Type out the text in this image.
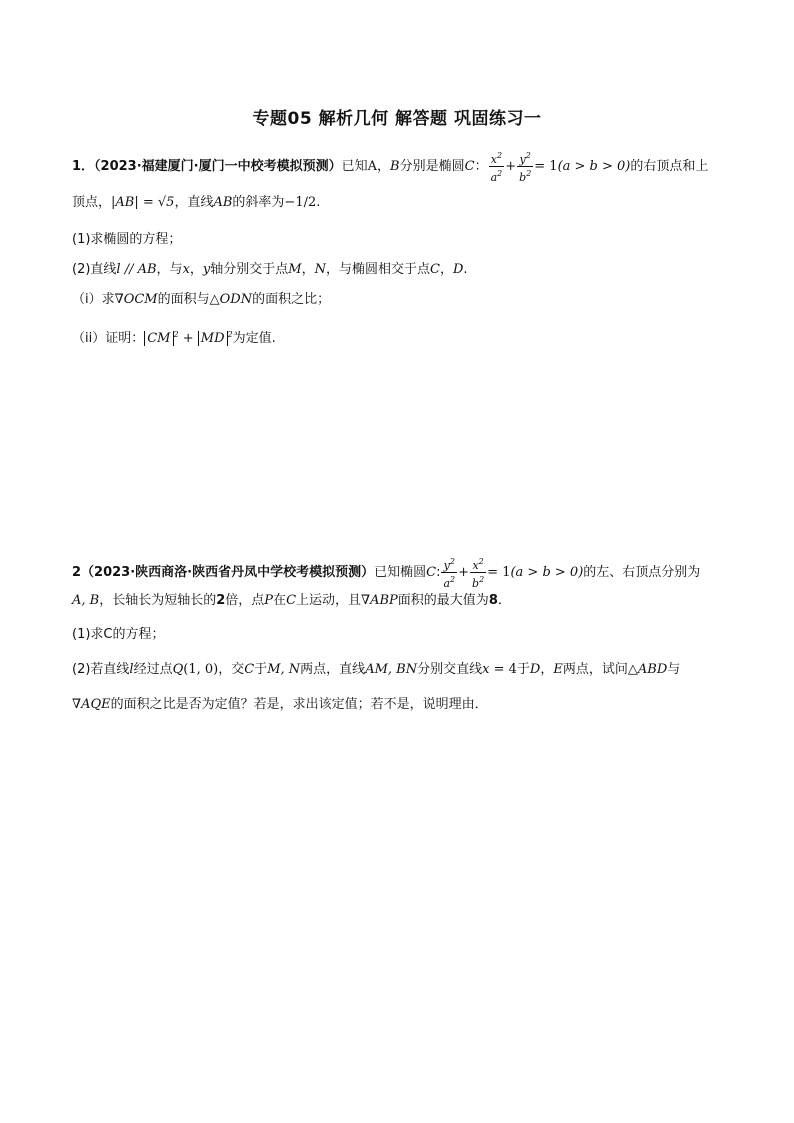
专题05 解析几何 解答题 巩固练习一
1．（2023·福建厦门·厦门一中校考模拟预测）已知A，B分别是椭圆C： $\frac{x^2}{a^2} + \frac{y^2}{b^2} = 1(a > b > 0)$的右顶点和上
顶点，|AB| = √5，直线AB的斜率为−1/2.
(1)求椭圆的方程；
(2)直线l // AB，与x，y轴分别交于点M，N，与椭圆相交于点C，D.
（i）求∇OCM的面积与△ODN的面积之比；
（ii）证明： CM $^2$ + MD $^2$为定值.
2（2023·陕西商洛·陕西省丹凤中学校考模拟预测）已知椭圆C: $\frac{y^2}{a^2} + \frac{x^2}{b^2} = 1(a > b > 0)$的左、右顶点分别为
A, B，长轴长为短轴长的2倍，点P在C上运动，且∇ABP面积的最大值为8．
(1)求C的方程；
(2)若直线l经过点Q(1, 0)，交C于M, N两点，直线AM, BN分别交直线x = 4于D，E两点，试问△ABD与
∇AQE的面积之比是否为定值？若是，求出该定值；若不是，说明理由．
